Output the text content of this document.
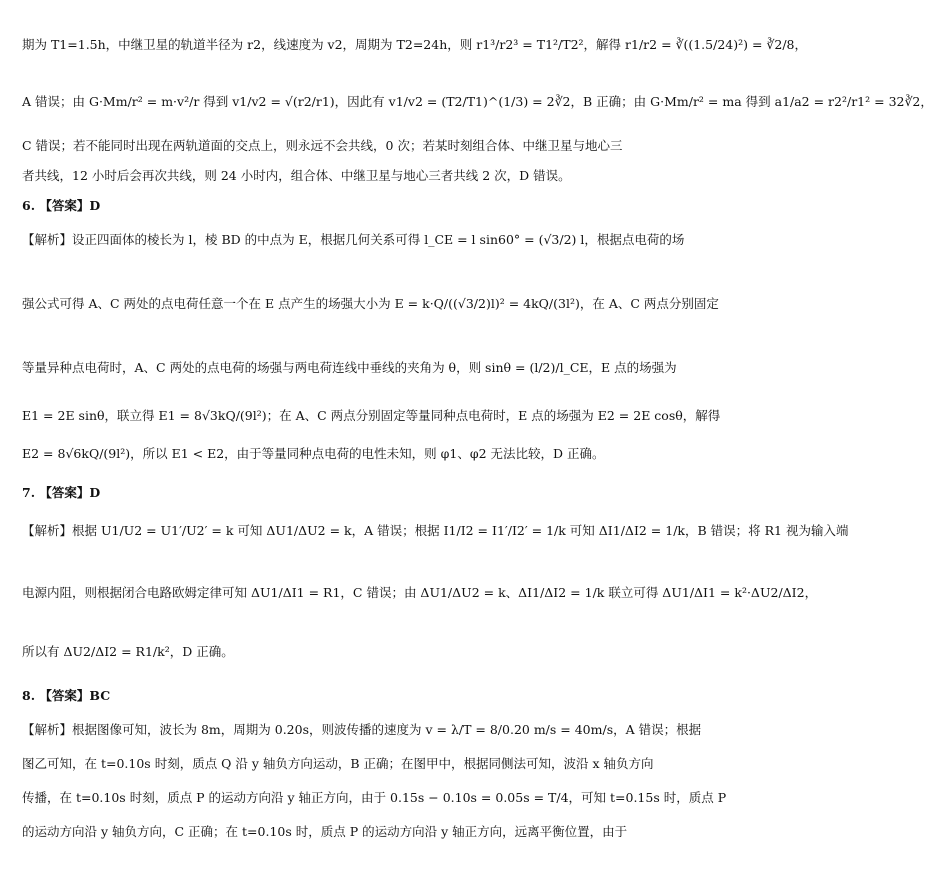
期为 T1=1.5h，中继卫星的轨道半径为 r2，线速度为 v2，周期为 T2=24h，则 r1³/r2³ = T1²/T2²，解得 r1/r2 = ∛((1.5/24)²) = ∛2/8，
A 错误；由 G·Mm/r² = m·v²/r 得到 v1/v2 = √(r2/r1)，因此有 v1/v2 = (T2/T1)^(1/3) = 2∛2，B 正确；由 G·Mm/r² = ma 得到 a1/a2 = r2²/r1² = 32∛2，
C 错误；若不能同时出现在两轨道面的交点上，则永远不会共线，0 次；若某时刻组合体、中继卫星与地心三
者共线，12 小时后会再次共线，则 24 小时内，组合体、中继卫星与地心三者共线 2 次，D 错误。
6. 【答案】D
【解析】设正四面体的棱长为 l，棱 BD 的中点为 E，根据几何关系可得 l_CE = l sin60° = (√3/2) l，根据点电荷的场
强公式可得 A、C 两处的点电荷任意一个在 E 点产生的场强大小为 E = k·Q/((√3/2)l)² = 4kQ/(3l²)，在 A、C 两点分别固定
等量异种点电荷时，A、C 两处的点电荷的场强与两电荷连线中垂线的夹角为 θ，则 sinθ = (l/2)/l_CE，E 点的场强为
E1 = 2E sinθ，联立得 E1 = 8√3kQ/(9l²)；在 A、C 两点分别固定等量同种点电荷时，E 点的场强为 E2 = 2E cosθ，解得
E2 = 8√6kQ/(9l²)，所以 E1 < E2，由于等量同种点电荷的电性未知，则 φ1、φ2 无法比较，D 正确。
7. 【答案】D
【解析】根据 U1/U2 = U1′/U2′ = k 可知 ΔU1/ΔU2 = k，A 错误；根据 I1/I2 = I1′/I2′ = 1/k 可知 ΔI1/ΔI2 = 1/k，B 错误；将 R1 视为输入端
电源内阻，则根据闭合电路欧姆定律可知 ΔU1/ΔI1 = R1，C 错误；由 ΔU1/ΔU2 = k、ΔI1/ΔI2 = 1/k 联立可得 ΔU1/ΔI1 = k²·ΔU2/ΔI2，
所以有 ΔU2/ΔI2 = R1/k²，D 正确。
8. 【答案】BC
【解析】根据图像可知，波长为 8m，周期为 0.20s，则波传播的速度为 v = λ/T = 8/0.20 m/s = 40m/s，A 错误；根据
图乙可知，在 t=0.10s 时刻，质点 Q 沿 y 轴负方向运动，B 正确；在图甲中，根据同侧法可知，波沿 x 轴负方向
传播，在 t=0.10s 时刻，质点 P 的运动方向沿 y 轴正方向，由于 0.15s − 0.10s = 0.05s = T/4，可知 t=0.15s 时，质点 P
的运动方向沿 y 轴负方向，C 正确；在 t=0.10s 时，质点 P 的运动方向沿 y 轴正方向，远离平衡位置，由于
